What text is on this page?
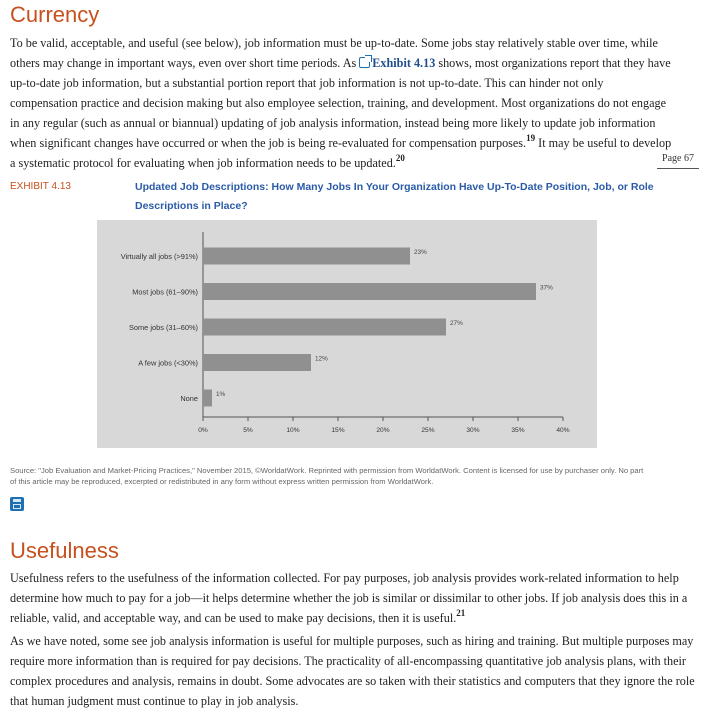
Currency

To be valid, acceptable, and useful (see below), job information must be up-to-date. Some jobs stay relatively stable over time, while others may change in important ways, even over short time periods. As Exhibit 4.13 shows, most organizations report that they have up-to-date job information, but a substantial portion report that job information is not up-to-date. This can hinder not only compensation practice and decision making but also employee selection, training, and development. Most organizations do not engage in any regular (such as annual or biannual) updating of job analysis information, instead being more likely to update job information when significant changes have occurred or when the job is being re-evaluated for compensation purposes.$^{19}$ It may be useful to develop a systematic protocol for evaluating when job information needs to be updated.$^{20}$	Page 67
EXHIBIT 4.13	Updated Job Descriptions: How Many Jobs In Your Organization Have Up-To-Date Position, Job, or Role Descriptions in Place?
Virtually all jobs (>91%)	23%
Most jobs (61–90%)	37%
Some jobs (31–60%)	27%
A few jobs (<30%)	12%
None	1%
0%	5%	10%	15%	20%	25%	30%	35%	40%
Source: "Job Evaluation and Market-Pricing Practices," November 2015, ©WorldatWork. Reprinted with permission from WorldatWork. Content is licensed for use by purchaser only. No part of this article may be reproduced, excerpted or redistributed in any form without express written permission from WorldatWork.
Usefulness

Usefulness refers to the usefulness of the information collected. For pay purposes, job analysis provides work-related information to help determine how much to pay for a job—it helps determine whether the job is similar or dissimilar to other jobs. If job analysis does this in a reliable, valid, and acceptable way, and can be used to make pay decisions, then it is useful.$^{21}$

As we have noted, some see job analysis information is useful for multiple purposes, such as hiring and training. But multiple purposes may require more information than is required for pay decisions. The practicality of all-encompassing quantitative job analysis plans, with their complex procedures and analysis, remains in doubt. Some advocates are so taken with their statistics and computers that they ignore the role that human judgment must continue to play in job analysis.
